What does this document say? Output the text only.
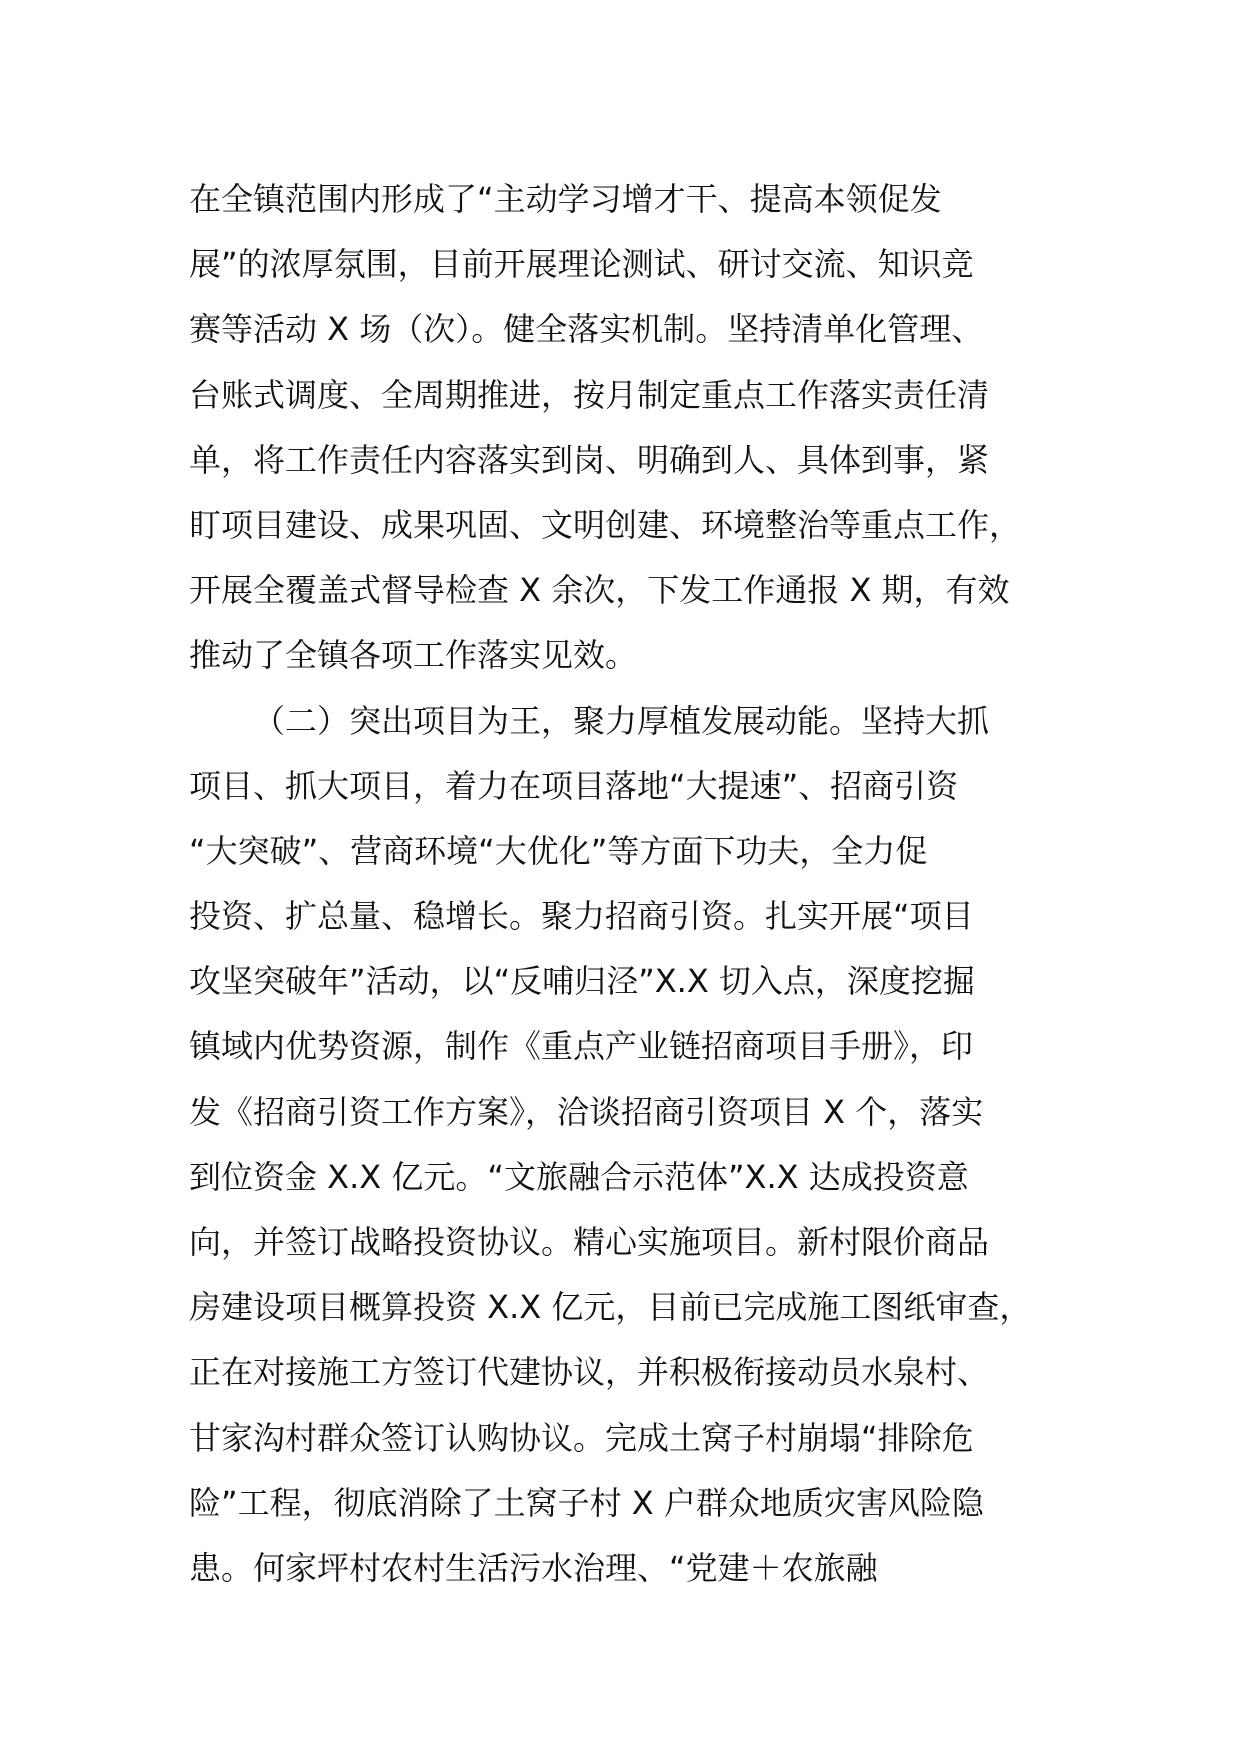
在全镇范围内形成了“主动学习增才干、提高本领促发
展”的浓厚氛围，目前开展理论测试、研讨交流、知识竞
赛等活动 X 场（次）。健全落实机制。坚持清单化管理、
台账式调度、全周期推进，按月制定重点工作落实责任清
单，将工作责任内容落实到岗、明确到人、具体到事，紧
盯项目建设、成果巩固、文明创建、环境整治等重点工作，
开展全覆盖式督导检查 X 余次，下发工作通报 X 期，有效
推动了全镇各项工作落实见效。
（二）突出项目为王，聚力厚植发展动能。坚持大抓
项目、抓大项目，着力在项目落地“大提速”、招商引资
“大突破”、营商环境“大优化”等方面下功夫，全力促
投资、扩总量、稳增长。聚力招商引资。扎实开展“项目
攻坚突破年”活动，以“反哺归泾”X.X 切入点，深度挖掘
镇域内优势资源，制作《重点产业链招商项目手册》，印
发《招商引资工作方案》，洽谈招商引资项目 X 个，落实
到位资金 X.X 亿元。“文旅融合示范体”X.X 达成投资意
向，并签订战略投资协议。精心实施项目。新村限价商品
房建设项目概算投资 X.X 亿元，目前已完成施工图纸审查，
正在对接施工方签订代建协议，并积极衔接动员水泉村、
甘家沟村群众签订认购协议。完成土窝子村崩塌“排除危
险”工程，彻底消除了土窝子村 X 户群众地质灾害风险隐
患。何家坪村农村生活污水治理、“党建＋农旅融
